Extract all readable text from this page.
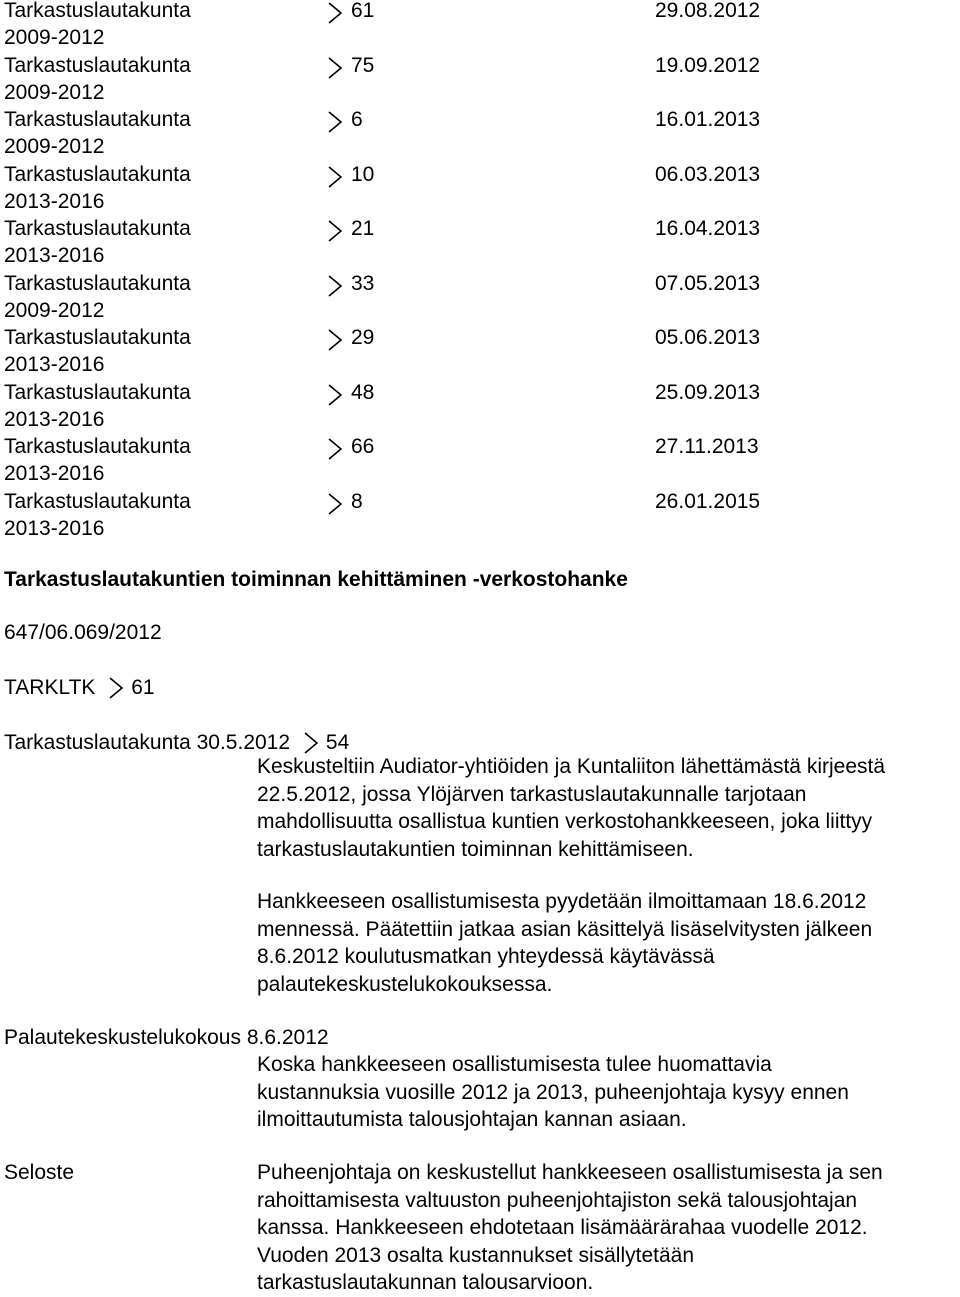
Tarkastuslautakunta
2009-2012
61	29.08.2012
Tarkastuslautakunta
2009-2012
75	19.09.2012
Tarkastuslautakunta
2009-2012
6	16.01.2013
Tarkastuslautakunta
2013-2016
10	06.03.2013
Tarkastuslautakunta
2013-2016
21	16.04.2013
Tarkastuslautakunta
2009-2012
33	07.05.2013
Tarkastuslautakunta
2013-2016
29	05.06.2013
Tarkastuslautakunta
2013-2016
48	25.09.2013
Tarkastuslautakunta
2013-2016
66	27.11.2013
Tarkastuslautakunta
2013-2016
8	26.01.2015
Tarkastuslautakuntien toiminnan kehittäminen -verkostohanke
647/06.069/2012
TARKLTK 61
Tarkastuslautakunta 30.5.2012 54
Keskusteltiin Audiator-yhtiöiden ja Kuntaliiton lähettämästä kirjeestä
22.5.2012, jossa Ylöjärven tarkastuslautakunnalle tarjotaan
mahdollisuutta osallistua kuntien verkostohankkeeseen, joka liittyy
tarkastuslautakuntien toiminnan kehittämiseen.
Hankkeeseen osallistumisesta pyydetään ilmoittamaan 18.6.2012
mennessä. Päätettiin jatkaa asian käsittelyä lisäselvitysten jälkeen
8.6.2012 koulutusmatkan yhteydessä käytävässä
palautekeskustelukokouksessa.
Palautekeskustelukokous 8.6.2012
Koska hankkeeseen osallistumisesta tulee huomattavia
kustannuksia vuosille 2012 ja 2013, puheenjohtaja kysyy ennen
ilmoittautumista talousjohtajan kannan asiaan.
Seloste	Puheenjohtaja on keskustellut hankkeeseen osallistumisesta ja sen
rahoittamisesta valtuuston puheenjohtajiston sekä talousjohtajan
kanssa. Hankkeeseen ehdotetaan lisämäärärahaa vuodelle 2012.
Vuoden 2013 osalta kustannukset sisällytetään
tarkastuslautakunnan talousarvioon.
